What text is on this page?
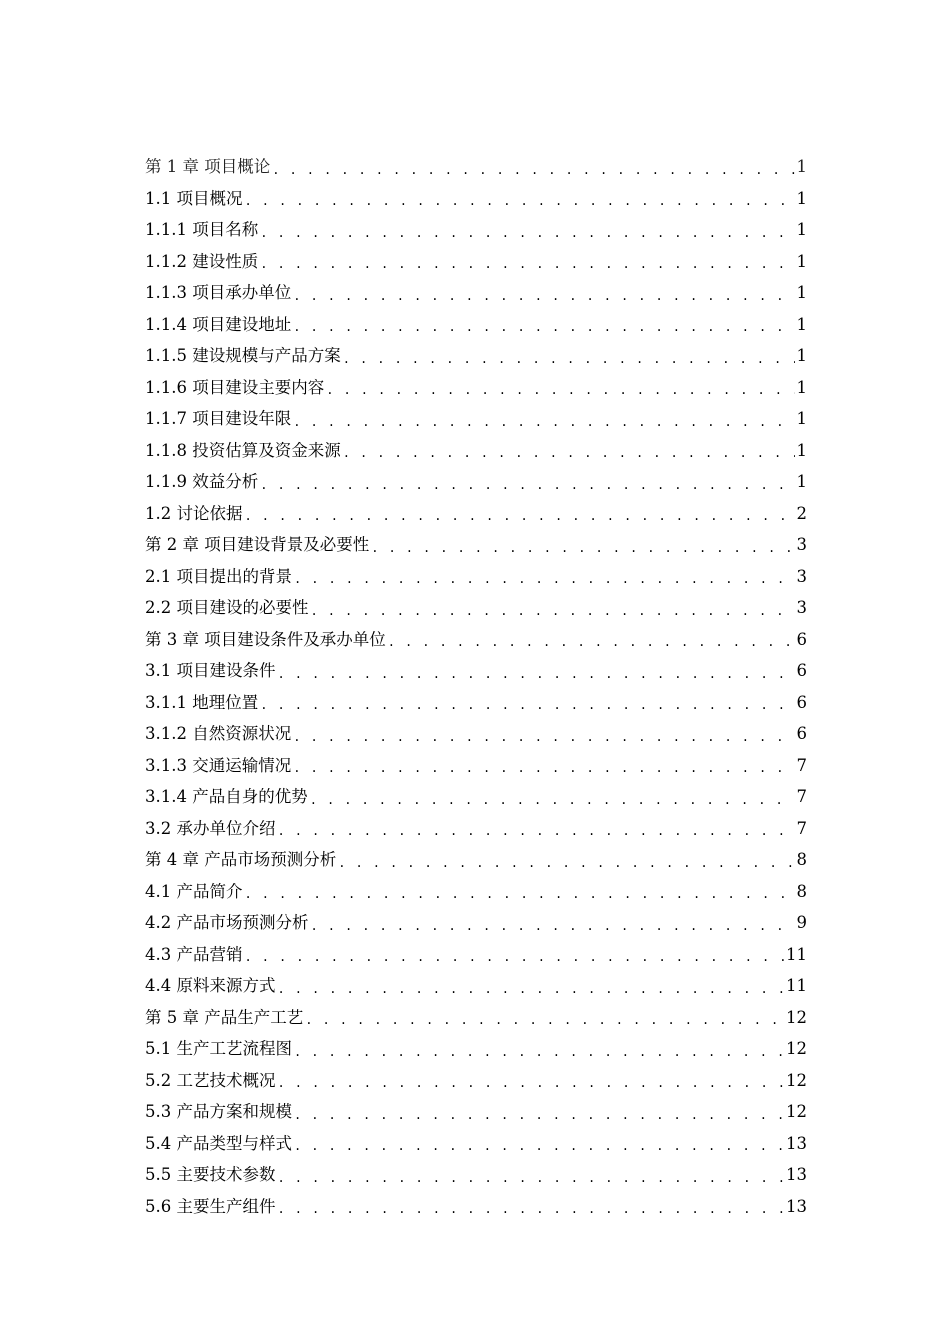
第 1 章 项目概论 . . .	1
1.1 项目概况 . . .	1
1.1.1 项目名称 . . .	1
1.1.2 建设性质 . . .	1
1.1.3 项目承办单位 . . .	1
1.1.4 项目建设地址 . . .	1
1.1.5 建设规模与产品方案 . . .	1
1.1.6 项目建设主要内容 . . .	1
1.1.7 项目建设年限 . . .	1
1.1.8 投资估算及资金来源 . . .	1
1.1.9 效益分析 . . .	1
1.2 讨论依据 . . .	2
第 2 章 项目建设背景及必要性 . . .	3
2.1 项目提出的背景 . . .	3
2.2 项目建设的必要性 . . .	3
第 3 章 项目建设条件及承办单位 . . .	6
3.1 项目建设条件 . . .	6
3.1.1 地理位置 . . .	6
3.1.2 自然资源状况 . . .	6
3.1.3 交通运输情况 . . .	7
3.1.4 产品自身的优势 . . .	7
3.2 承办单位介绍 . . .	7
第 4 章 产品市场预测分析 . . .	8
4.1 产品简介 . . .	8
4.2 产品市场预测分析 . . .	9
4.3 产品营销 . . .	11
4.4 原料来源方式 . . .	11
第 5 章 产品生产工艺 . . .	12
5.1 生产工艺流程图 . . .	12
5.2 工艺技术概况 . . .	12
5.3 产品方案和规模 . . .	12
5.4 产品类型与样式 . . .	13
5.5 主要技术参数 . . .	13
5.6 主要生产组件 . . .	13
